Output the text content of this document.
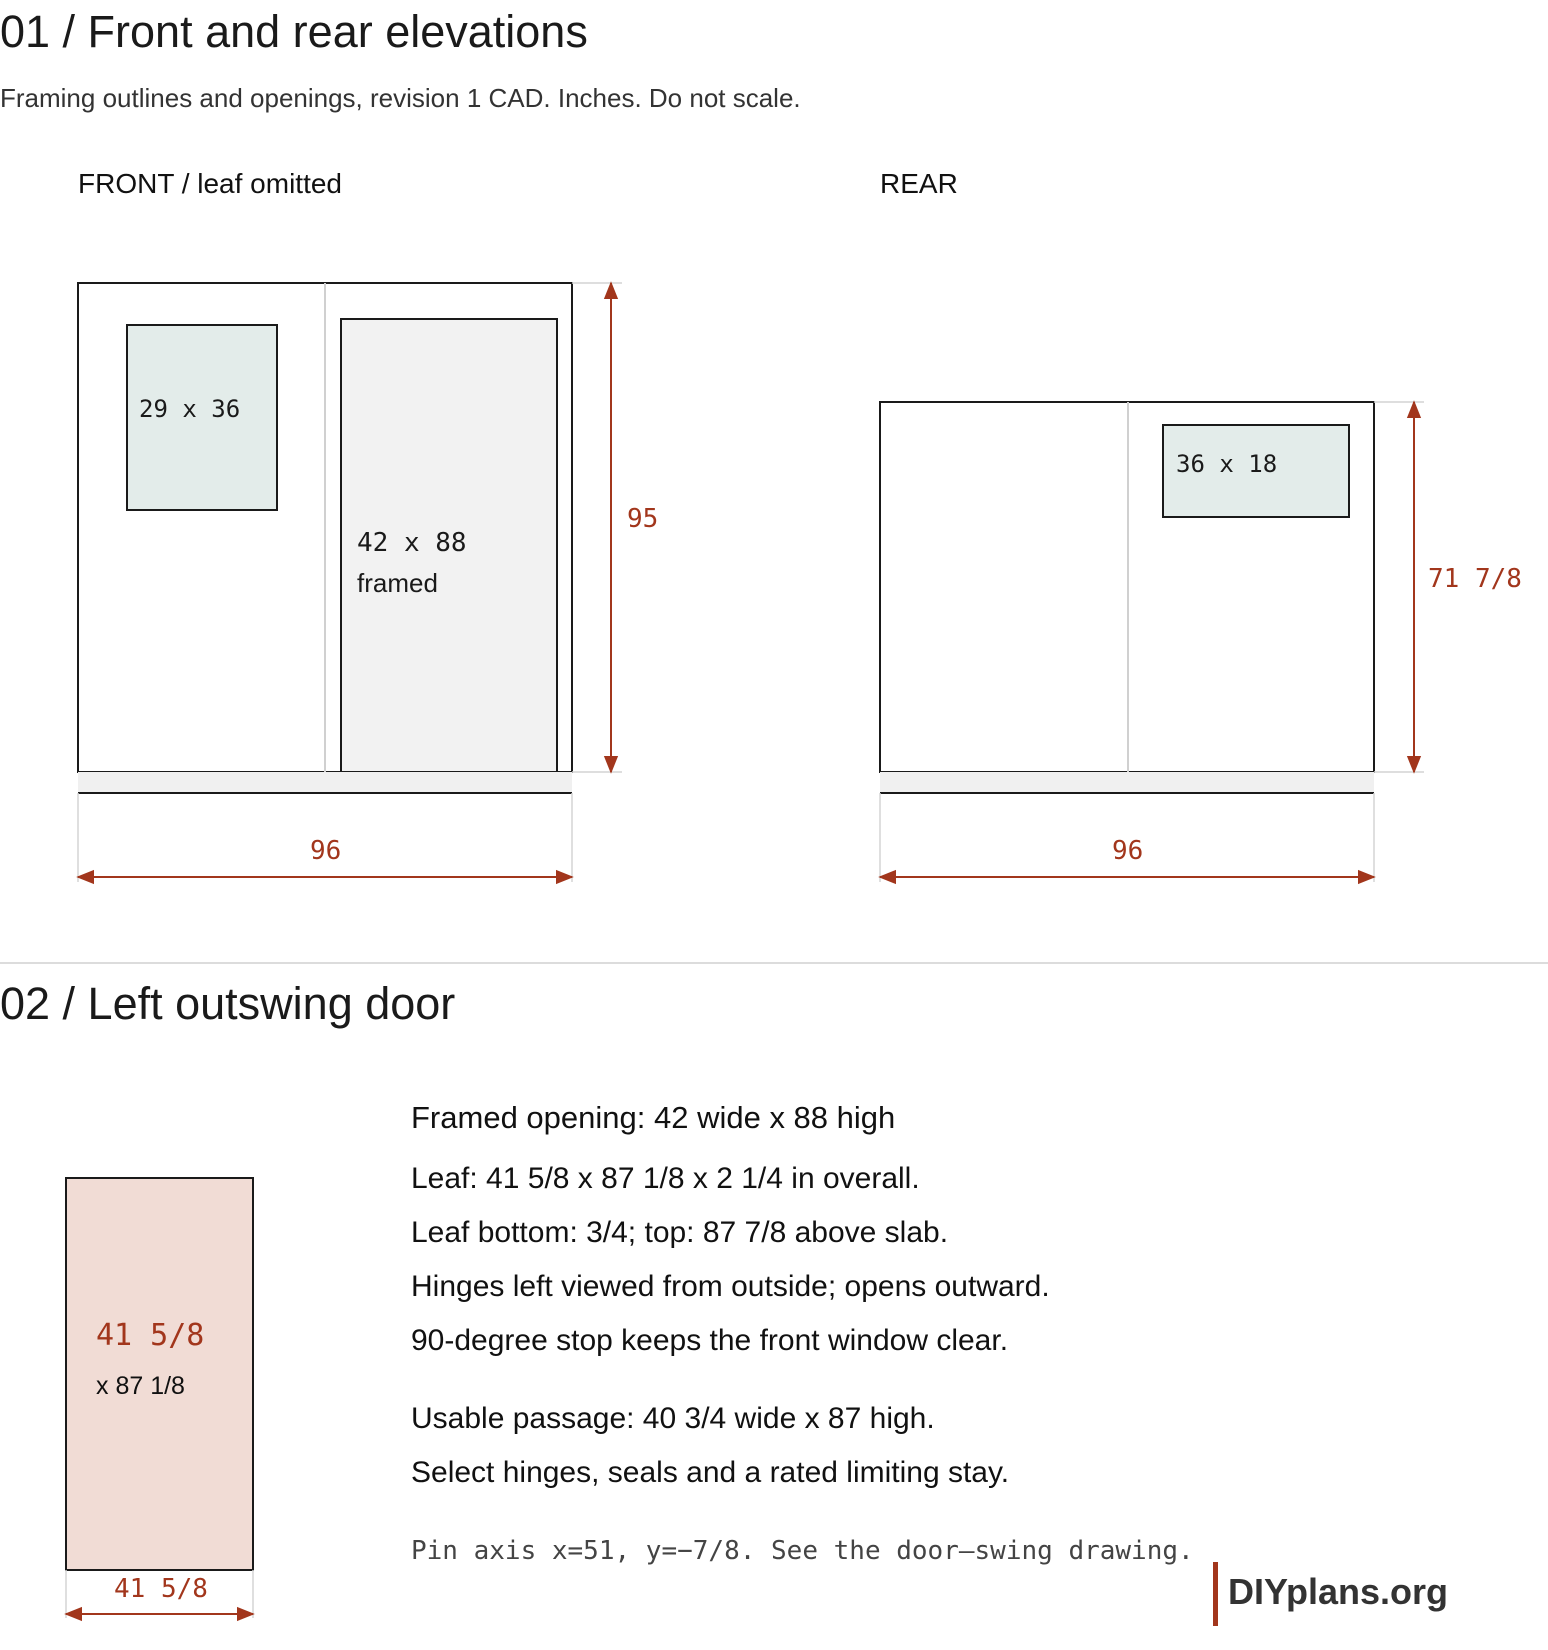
01 / Front and rear elevations
Framing outlines and openings, revision 1 CAD. Inches. Do not scale.
FRONT / leaf omitted	REAR
29 x 36
42 x 88
framed
95
96
36 x 18
71 7/8
96
02 / Left outswing door
41 5/8
x 87 1/8
41 5/8
Framed opening: 42 wide x 88 high
Leaf: 41 5/8 x 87 1/8 x 2 1/4 in overall.
Leaf bottom: 3/4; top: 87 7/8 above slab.
Hinges left viewed from outside; opens outward.
90-degree stop keeps the front window clear.
Usable passage: 40 3/4 wide x 87 high.
Select hinges, seals and a rated limiting stay.
Pin axis x=51, y=−7/8. See the door–swing drawing.
DIYplans.org
